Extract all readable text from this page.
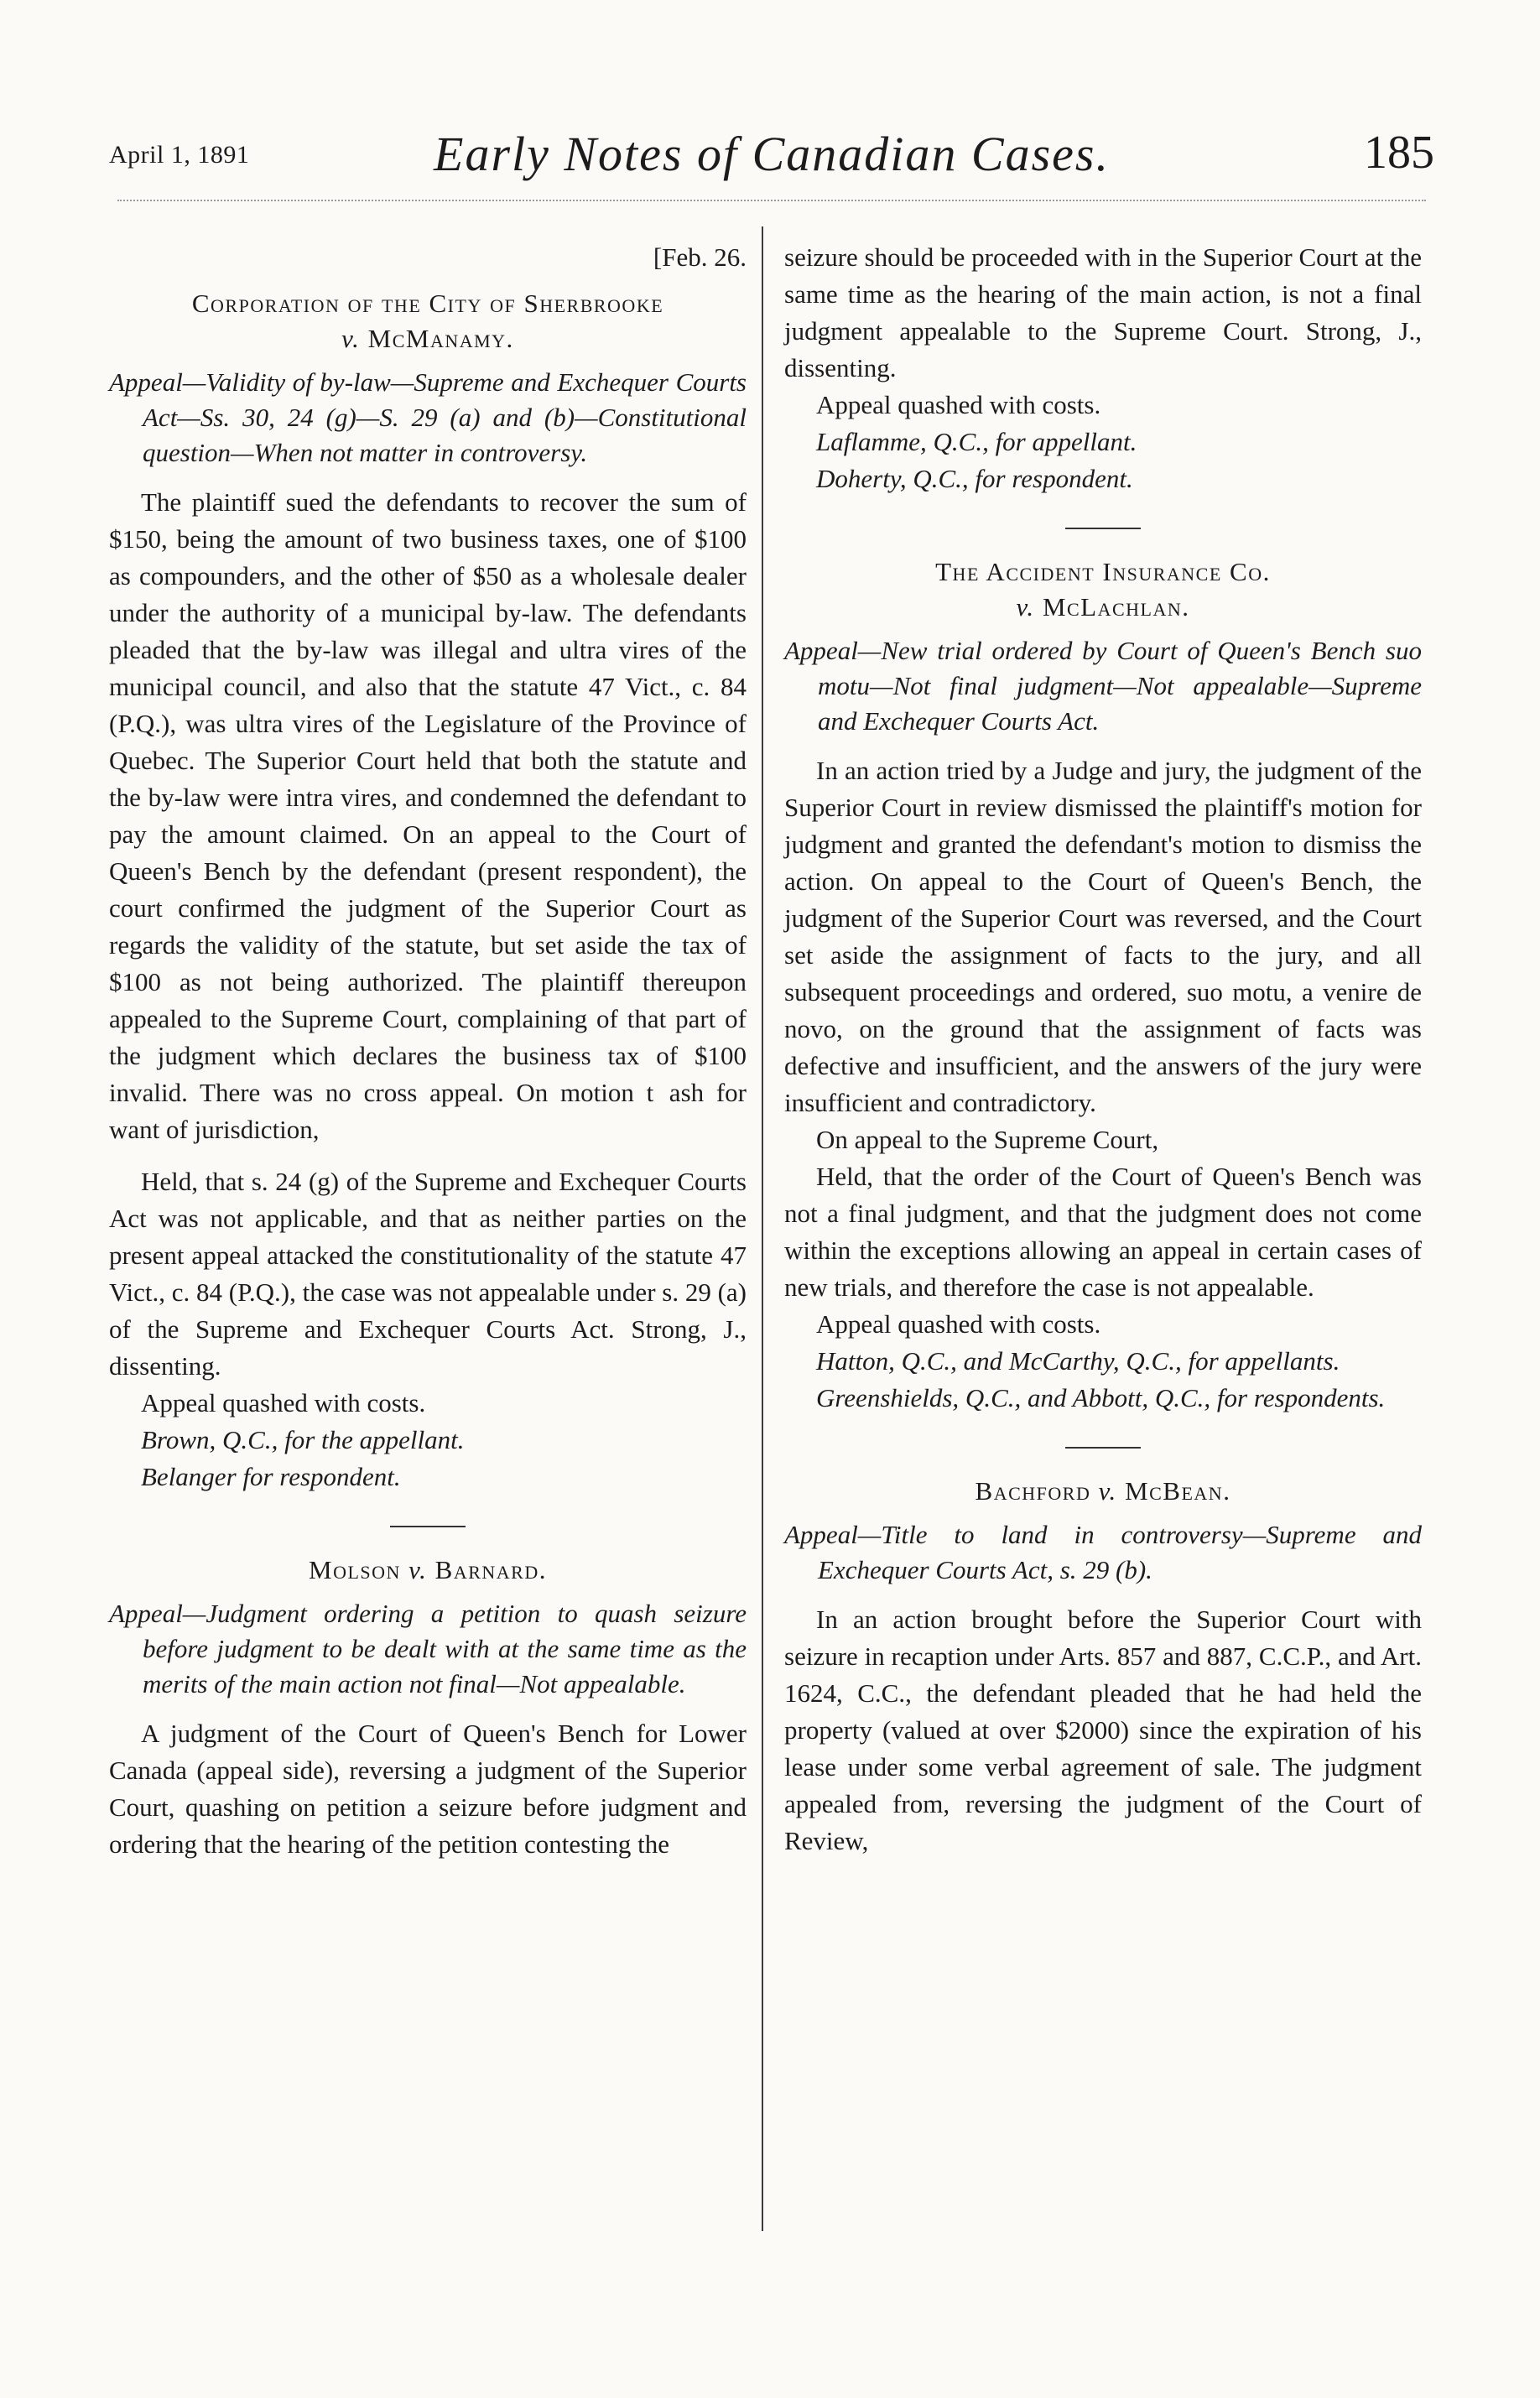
April 1, 1891	Early Notes of Canadian Cases.	185
[Feb. 26.
Corporation of the City of Sherbrooke
v. McManamy.
Appeal—Validity of by-law—Supreme and Exchequer Courts Act—Ss. 30, 24 (g)—S. 29 (a) and (b)—Constitutional question—When not matter in controversy.

The plaintiff sued the defendants to recover the sum of $150, being the amount of two business taxes, one of $100 as compounders, and the other of $50 as a wholesale dealer under the authority of a municipal by-law. The defendants pleaded that the by-law was illegal and ultra vires of the municipal council, and also that the statute 47 Vict., c. 84 (P.Q.), was ultra vires of the Legislature of the Province of Quebec. The Superior Court held that both the statute and the by-law were intra vires, and condemned the defendant to pay the amount claimed. On an appeal to the Court of Queen's Bench by the defendant (present respondent), the court confirmed the judgment of the Superior Court as regards the validity of the statute, but set aside the tax of $100 as not being authorized. The plaintiff thereupon appealed to the Supreme Court, complaining of that part of the judgment which declares the business tax of $100 invalid. There was no cross appeal. On motion t   ash for want of jurisdiction,

Held, that s. 24 (g) of the Supreme and Exchequer Courts Act was not applicable, and that as neither parties on the present appeal attacked the constitutionality of the statute 47 Vict., c. 84 (P.Q.), the case was not appealable under s. 29 (a) of the Supreme and Exchequer Courts Act. Strong, J., dissenting.

Appeal quashed with costs.
Brown, Q.C., for the appellant.
Belanger for respondent.
Molson v. Barnard.
Appeal—Judgment ordering a petition to quash seizure before judgment to be dealt with at the same time as the merits of the main action not final—Not appealable.

A judgment of the Court of Queen's Bench for Lower Canada (appeal side), reversing a judgment of the Superior Court, quashing on petition a seizure before judgment and ordering that the hearing of the petition contesting the

seizure should be proceeded with in the Superior Court at the same time as the hearing of the main action, is not a final judgment appealable to the Supreme Court. Strong, J., dissenting.

Appeal quashed with costs.
Laflamme, Q.C., for appellant.
Doherty, Q.C., for respondent.
The Accident Insurance Co.
v. McLachlan.
Appeal—New trial ordered by Court of Queen's Bench suo motu—Not final judgment—Not appealable—Supreme and Exchequer Courts Act.

In an action tried by a Judge and jury, the judgment of the Superior Court in review dismissed the plaintiff's motion for judgment and granted the defendant's motion to dismiss the action. On appeal to the Court of Queen's Bench, the judgment of the Superior Court was reversed, and the Court set aside the assignment of facts to the jury, and all subsequent proceedings and ordered, suo motu, a venire de novo, on the ground that the assignment of facts was defective and insufficient, and the answers of the jury were insufficient and contradictory.

On appeal to the Supreme Court,

Held, that the order of the Court of Queen's Bench was not a final judgment, and that the judgment does not come within the exceptions allowing an appeal in certain cases of new trials, and therefore the case is not appealable.

Appeal quashed with costs.

Hatton, Q.C., and McCarthy, Q.C., for appellants.

Greenshields, Q.C., and Abbott, Q.C., for respondents.

Bachford v. McBean.
Appeal—Title to land in controversy—Supreme and Exchequer Courts Act, s. 29 (b).

In an action brought before the Superior Court with seizure in recaption under Arts. 857 and 887, C.C.P., and Art. 1624, C.C., the defendant pleaded that he had held the property (valued at over $2000) since the expiration of his lease under some verbal agreement of sale. The judgment appealed from, reversing the judgment of the Court of Review,
